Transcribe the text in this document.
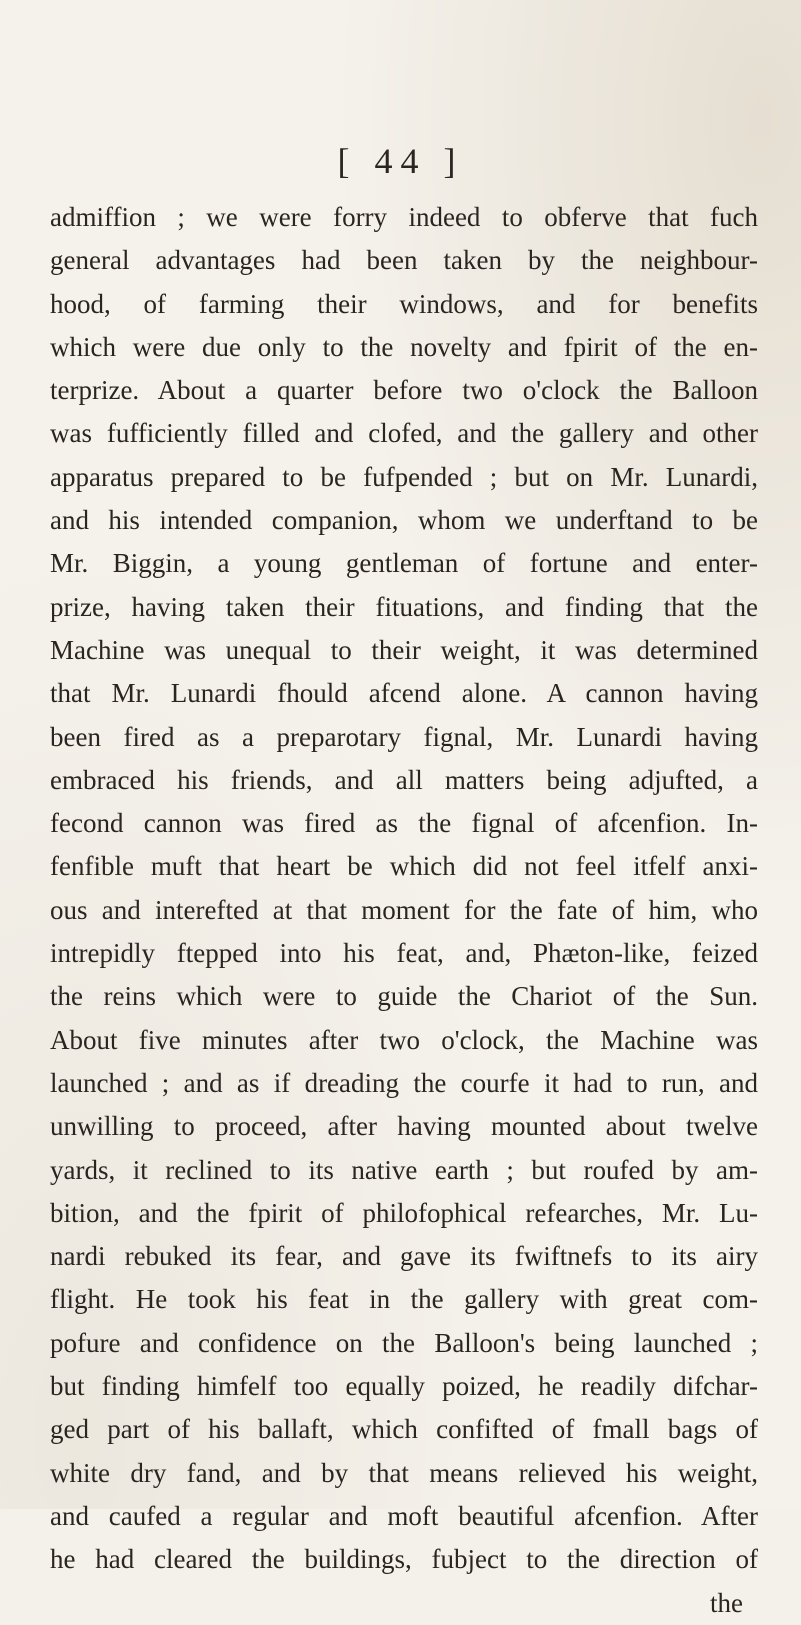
[ 44 ]
admiffion ; we were forry indeed to obferve that fuch
general advantages had been taken by the neighbour-
hood, of farming their windows, and for benefits
which were due only to the novelty and fpirit of the en-
terprize. About a quarter before two o'clock the Balloon
was fufficiently filled and clofed, and the gallery and other
apparatus prepared to be fufpended ; but on Mr. Lunardi,
and his intended companion, whom we underftand to be
Mr. Biggin, a young gentleman of fortune and enter-
prize, having taken their fituations, and finding that the
Machine was unequal to their weight, it was determined
that Mr. Lunardi fhould afcend alone. A cannon having
been fired as a preparotary fignal, Mr. Lunardi having
embraced his friends, and all matters being adjufted, a
fecond cannon was fired as the fignal of afcenfion. In-
fenfible muft that heart be which did not feel itfelf anxi-
ous and interefted at that moment for the fate of him, who
intrepidly ftepped into his feat, and, Phæton-like, feized
the reins which were to guide the Chariot of the Sun.
About five minutes after two o'clock, the Machine was
launched ; and as if dreading the courfe it had to run, and
unwilling to proceed, after having mounted about twelve
yards, it reclined to its native earth ; but roufed by am-
bition, and the fpirit of philofophical refearches, Mr. Lu-
nardi rebuked its fear, and gave its fwiftnefs to its airy
flight. He took his feat in the gallery with great com-
pofure and confidence on the Balloon's being launched ;
but finding himfelf too equally poized, he readily difchar-
ged part of his ballaft, which confifted of fmall bags of
white dry fand, and by that means relieved his weight,
and caufed a regular and moft beautiful afcenfion. After
he had cleared the buildings, fubject to the direction of
the
